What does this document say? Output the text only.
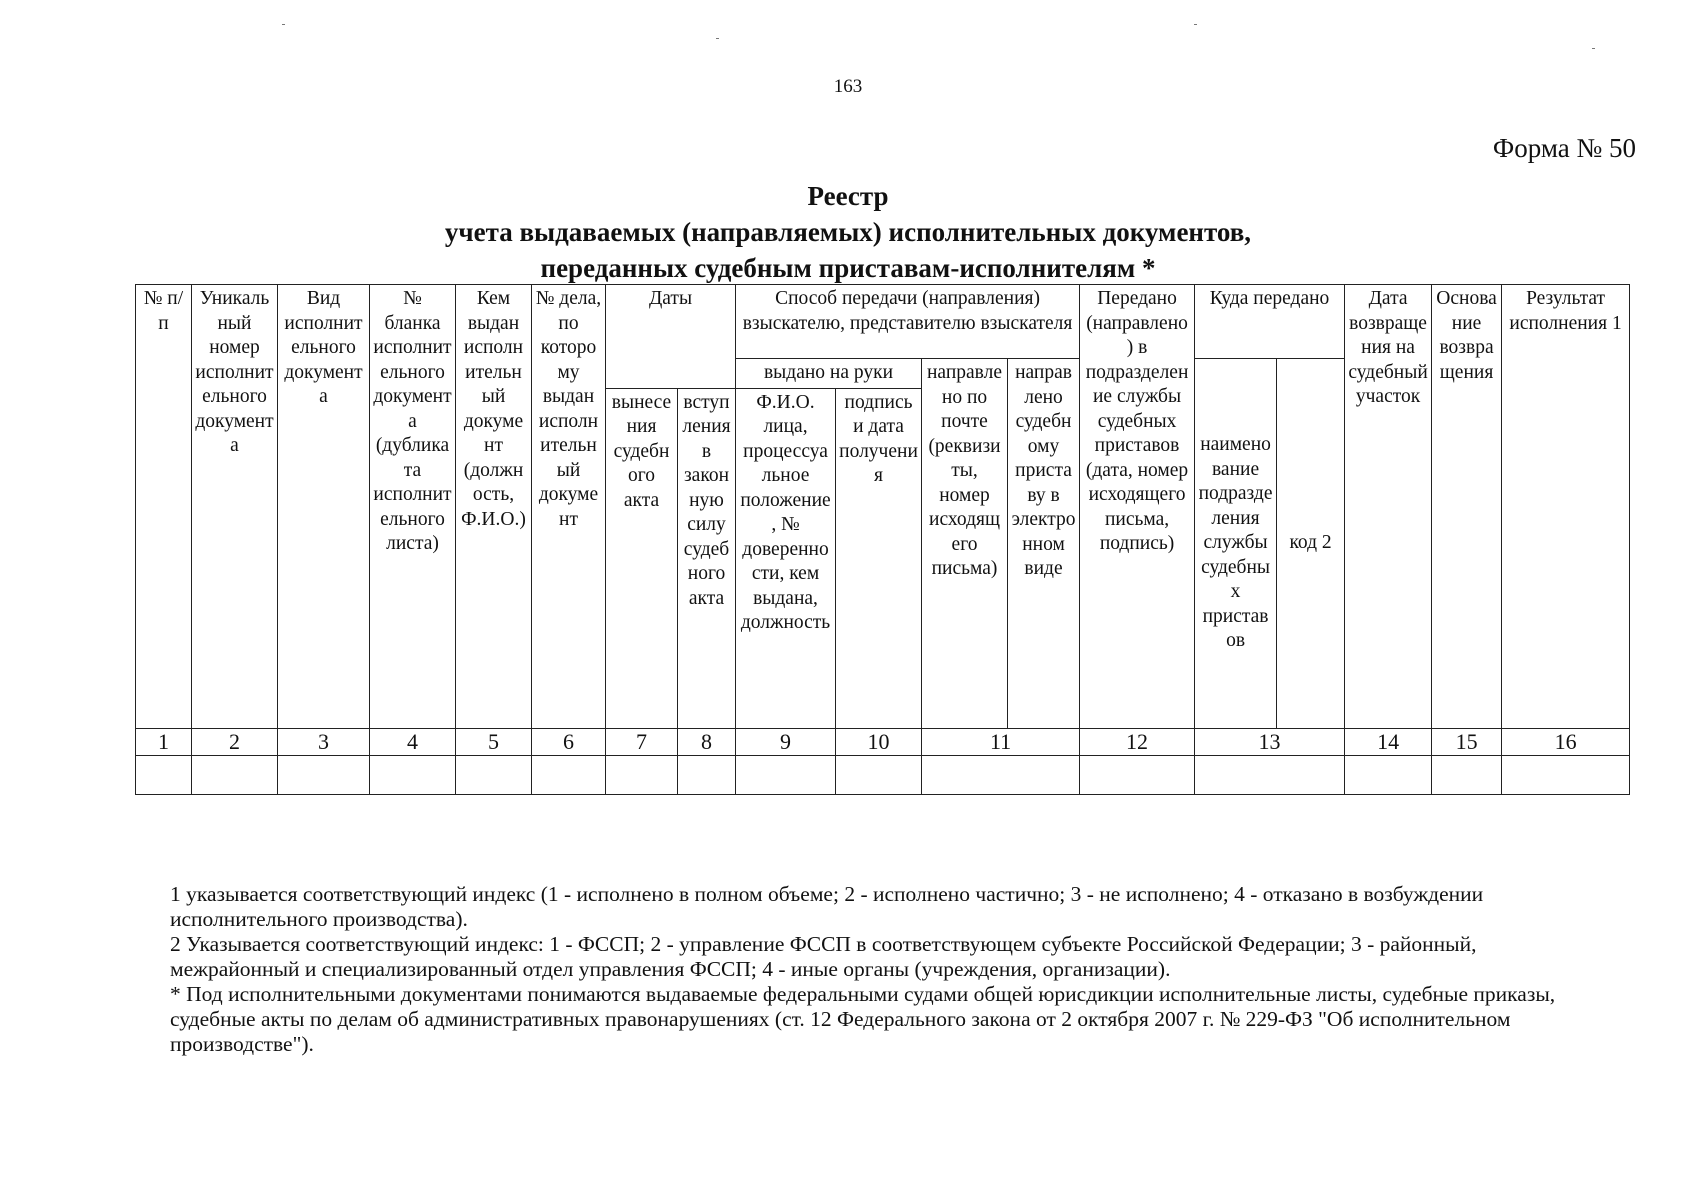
163
Форма № 50
Реестр
учета выдаваемых (направляемых) исполнительных документов,
переданных судебным приставам-исполнителям *
№ п/п	Уникальный номер исполнительного документа	Вид исполнительного документа	№ бланка исполнительного документа (дубликата исполнительного листа)	Кем выдан исполнительный документ (должность, Ф.И.О.)	№ дела, по которому выдан исполнительный документ	Даты		Способ передачи (направления) взыскателю, представителю взыскателя				Передано (направлено) в подразделение службы судебных приставов (дата, номер исходящего письма, подпись)	Куда передано		Дата возвращения на судебный участок	Основание возвращения	Результат исполнения 1
								выдано на руки		направлено по почте (реквизиты, номер исходящего письма)	направлено судебному приставу в электронном виде		наименование подразделения службы судебных приставов	код 2			
						вынесения судебного акта	вступления в законную силу судебного акта	Ф.И.О. лица, процессуальное положение, № доверенности, кем выдана, должность	подпись и дата получения								
1	2	3	4	5	6	7	8	9	10	11		12	13		14	15	16

1 указывается соответствующий индекс (1 - исполнено в полном объеме; 2 - исполнено частично; 3 - не исполнено; 4 - отказано в возбуждении исполнительного производства).

2 Указывается соответствующий индекс: 1 - ФССП; 2 - управление ФССП в соответствующем субъекте Российской Федерации; 3 - районный, межрайонный и специализированный отдел управления ФССП; 4 - иные органы (учреждения, организации).

* Под исполнительными документами понимаются выдаваемые федеральными судами общей юрисдикции исполнительные листы, судебные приказы, судебные акты по делам об административных правонарушениях (ст. 12 Федерального закона от 2 октября 2007 г. № 229-ФЗ "Об исполнительном производстве").
